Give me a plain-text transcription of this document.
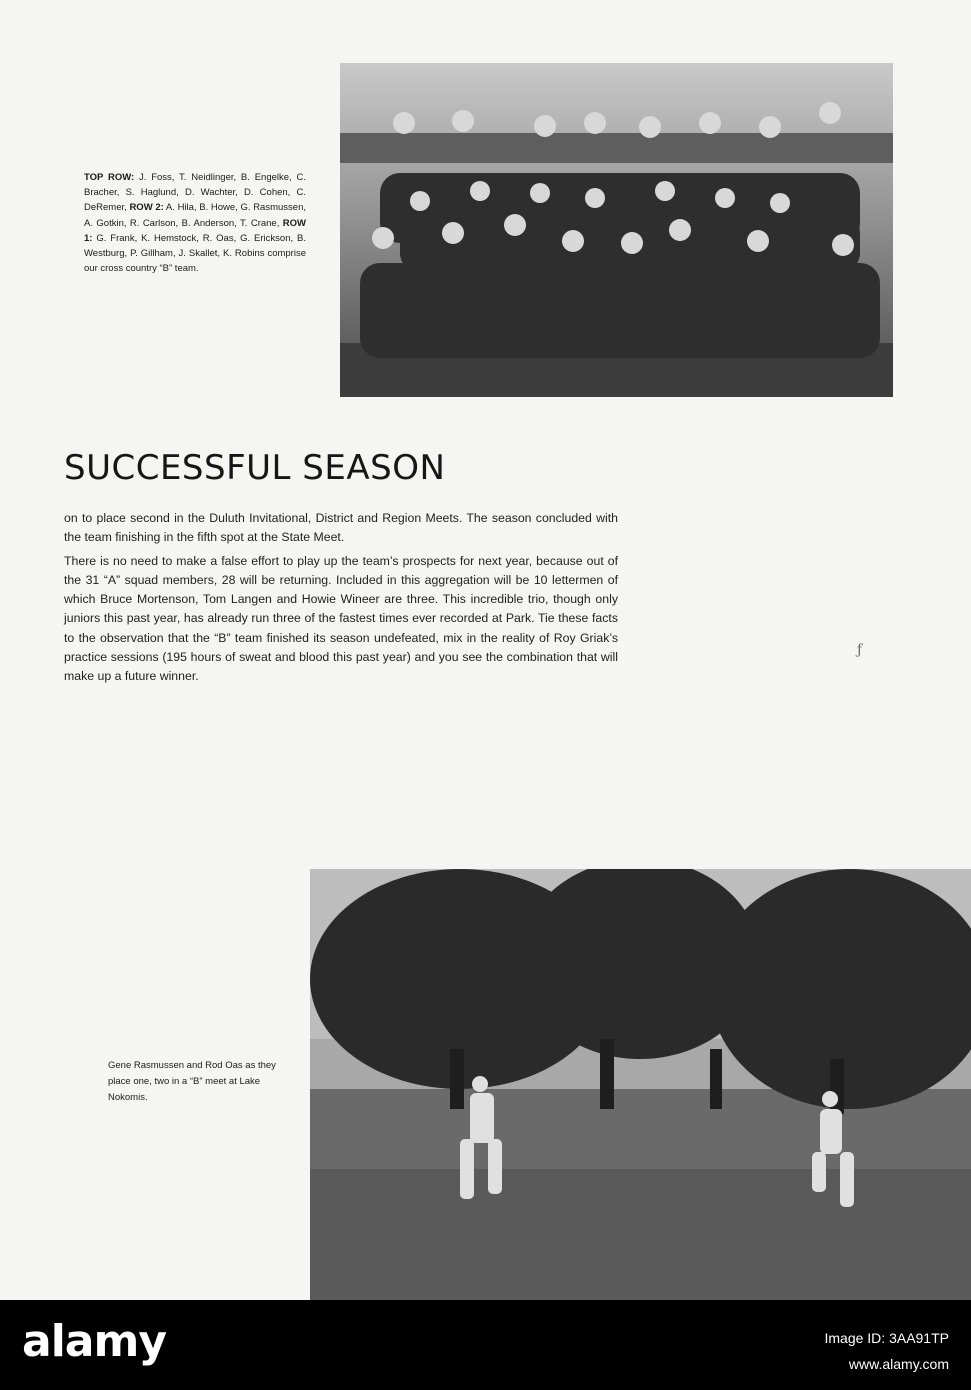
TOP ROW: J. Foss, T. Neidlinger, B. Engelke, C. Bracher, S. Haglund, D. Wachter, D. Cohen, C. DeRemer, ROW 2: A. Hila, B. Howe, G. Rasmussen, A. Gotkin, R. Carlson, B. Anderson, T. Crane, ROW 1: G. Frank, K. Hemstock, R. Oas, G. Erickson, B. Westburg, P. Gillham, J. Skallet, K. Robins comprise our cross country “B” team.
SUCCESSFUL SEASON

on to place second in the Duluth Invitational, District and Region Meets. The season concluded with the team finishing in the fifth spot at the State Meet.

There is no need to make a false effort to play up the team’s prospects for next year, because out of the 31 “A” squad members, 28 will be returning. Included in this aggregation will be 10 lettermen of which Bruce Mortenson, Tom Langen and Howie Wineer are three. This incredible trio, though only juniors this past year, has already run three of the fastest times ever recorded at Park. Tie these facts to the observation that the “B” team finished its season undefeated, mix in the reality of Roy Griak’s practice sessions (195 hours of sweat and blood this past year) and you see the combination that will make up a future winner.

ƒ
Gene Rasmussen and Rod Oas as they place one, two in a “B” meet at Lake Nokomis.
alamy	Image ID: 3AA91TP
www.alamy.com
